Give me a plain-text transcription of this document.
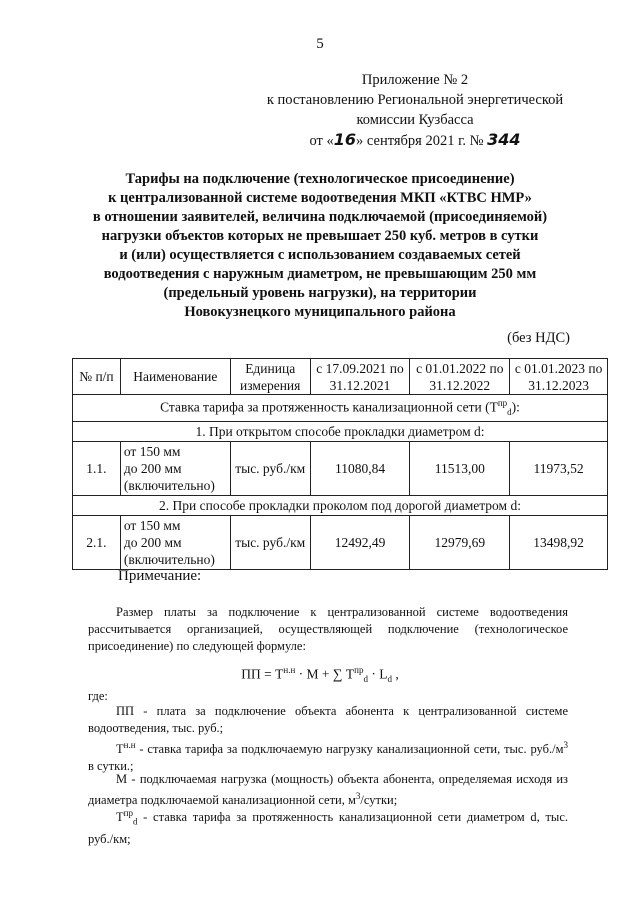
5
Приложение № 2
к постановлению Региональной энергетической
комиссии Кузбасса
от «16» сентября 2021 г. № 344
Тарифы на подключение (технологическое присоединение)
к централизованной системе водоотведения МКП «КТВС НМР»
в отношении заявителей, величина подключаемой (присоединяемой)
нагрузки объектов которых не превышает 250 куб. метров в сутки
и (или) осуществляется с использованием создаваемых сетей
водоотведения с наружным диаметром, не превышающим 250 мм
(предельный уровень нагрузки), на территории
Новокузнецкого муниципального района
(без НДС)
№ п/п	Наименование	Единица измерения	с 17.09.2021 по 31.12.2021	с 01.01.2022 по 31.12.2022	с 01.01.2023 по 31.12.2023
Ставка тарифа за протяженность канализационной сети $(Т^{пр}_d)$:					
1. При открытом способе прокладки диаметром d:					
1.1.	от 150 мм
до 200 мм
(включительно)	тыс. руб./км	11080,84	11513,00	11973,52
2. При способе прокладки проколом под дорогой диаметром d:					
2.1.	от 150 мм
до 200 мм
(включительно)	тыс. руб./км	12492,49	12979,69	13498,92
Примечание:
Размер платы за подключение к централизованной системе водоотведения рассчитывается организацией, осуществляющей подключение (технологическое присоединение) по следующей формуле:
ПП = $Т^{н.н} \cdot М$ + ∑ $Т^{пр}_d \cdot L_d$ ,
где:
ПП - плата за подключение объекта абонента к централизованной системе водоотведения, тыс. руб.;
$Т^{н.н}$ - ставка тарифа за подключаемую нагрузку канализационной сети, тыс. $руб./м^3$ в сутки.;
М - подключаемая нагрузка (мощность) объекта абонента, определяемая исходя из диаметра подключаемой канализационной сети, $м^3$/сутки;
$Т^{пр}_d$ - ставка тарифа за протяженность канализационной сети диаметром d, тыс. руб./км;
